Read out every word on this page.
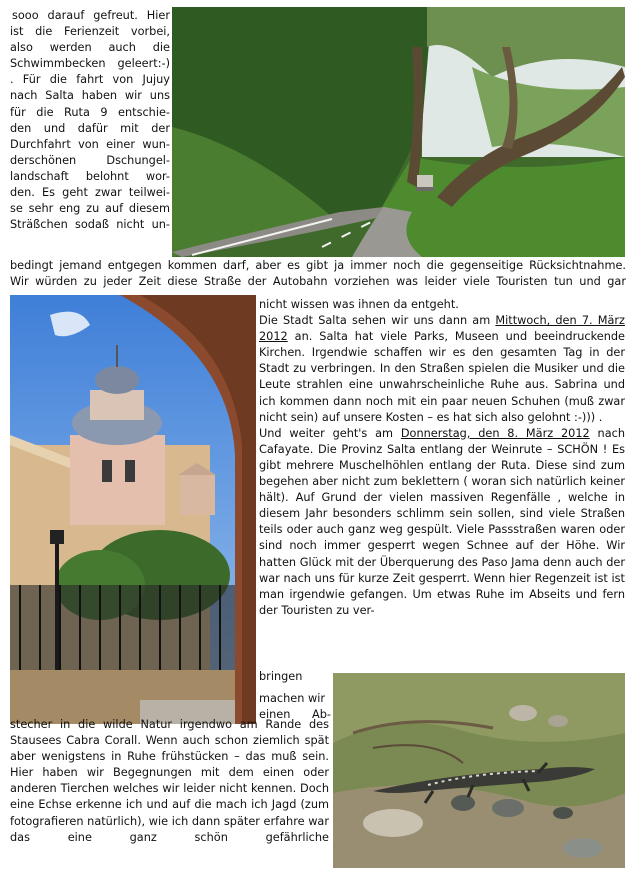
sooo darauf gefreut. Hier
ist die Ferienzeit vorbei,
also werden auch die
Schwimmbecken geleert:-)
. Für die fahrt von Jujuy
nach Salta haben wir uns
für die Ruta 9 entschie-
den und dafür mit der
Durchfahrt von einer wun-
derschönen Dschungel-
landschaft belohnt wor-
den. Es geht zwar teilwei-
se sehr eng zu auf diesem
Sträßchen sodaß nicht un-
bedingt jemand entgegen kommen darf, aber es gibt ja immer noch die gegenseitige Rücksichtnahme.
Wir würden zu jeder Zeit diese Straße der Autobahn vorziehen was leider viele Touristen tun und gar

nicht wissen was ihnen da entgeht.

Die Stadt Salta sehen wir uns dann am Mittwoch, den 7. März 2012 an. Salta hat viele Parks, Museen und beeindruckende Kirchen. Irgendwie schaffen wir es den gesamten Tag in der Stadt zu verbringen. In den Straßen spielen die Musiker und die Leute strahlen eine unwahrscheinliche Ruhe aus. Sabrina und ich kommen dann noch mit ein paar neuen Schuhen (muß zwar nicht sein) auf unsere Kosten – es hat sich also gelohnt :-))) .

Und weiter geht's am Donnerstag, den 8. März 2012 nach Cafayate. Die Provinz Salta entlang der Weinrute – SCHÖN ! Es gibt mehrere Muschelhöhlen entlang der Ruta. Diese sind zum begehen aber nicht zum beklettern ( woran sich natürlich keiner hält). Auf Grund der vielen massiven Regenfälle , welche in diesem Jahr besonders schlimm sein sollen, sind viele Straßen teils oder auch ganz weg gespült. Viele Passstraßen waren oder sind noch immer gesperrt wegen Schnee auf der Höhe. Wir hatten Glück mit der Überquerung des Paso Jama denn auch der war nach uns für kurze Zeit gesperrt. Wenn hier Regenzeit ist ist man irgendwie gefangen. Um etwas Ruhe im Abseits und fern der Touristen zu ver-

bringen
machen wir
einen Ab-

stecher in die wilde Natur irgendwo am Rande des Stausees Cabra Corall. Wenn auch schon ziemlich spät aber wenigstens in Ruhe frühstücken – das muß sein. Hier haben wir Begegnungen mit dem einen oder anderen Tierchen welches wir leider nicht kennen. Doch eine Echse erkenne ich und auf die mach ich Jagd (zum fotografieren natürlich), wie ich dann später erfahre war das eine ganz schön gefährliche
